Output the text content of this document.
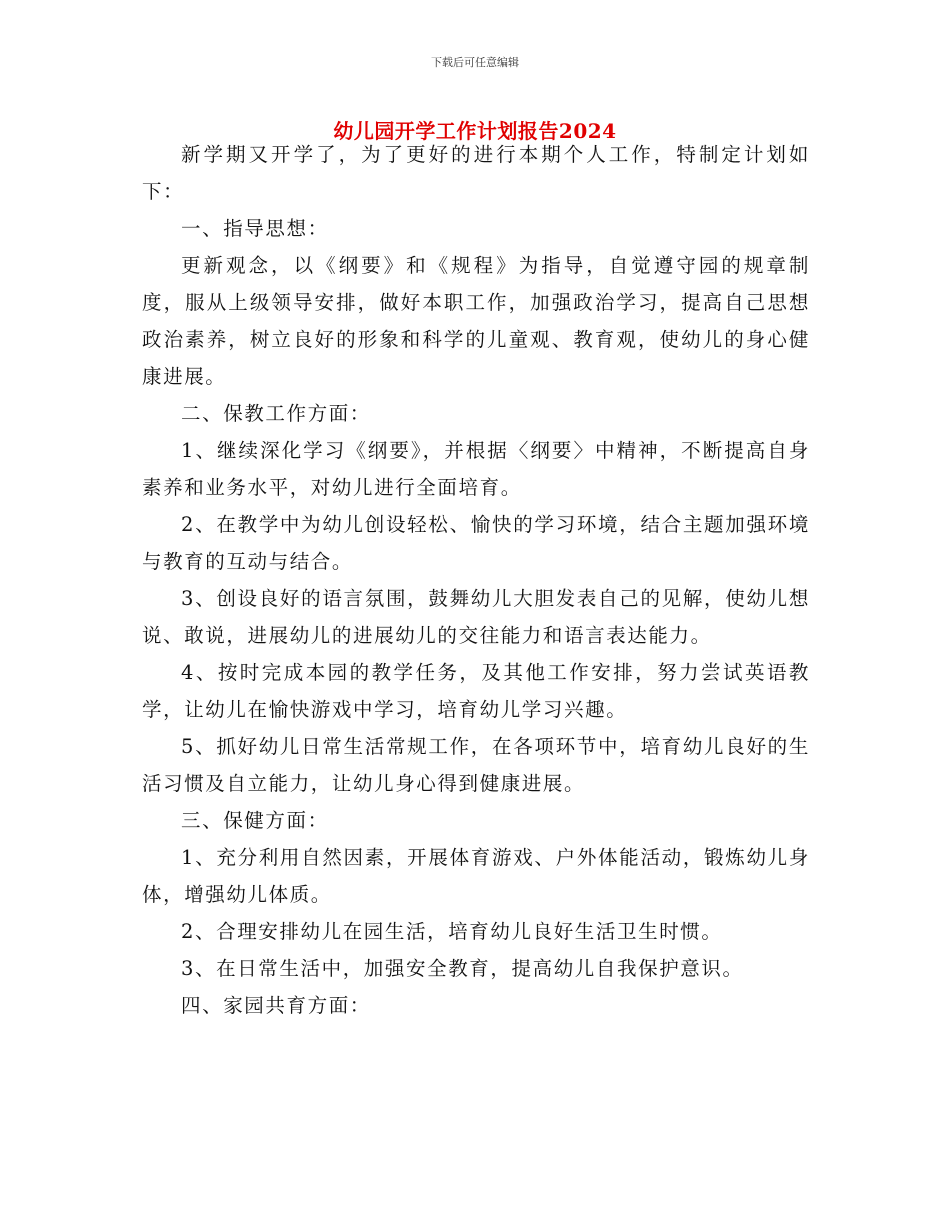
下载后可任意编辑
幼儿园开学工作计划报告2024

新学期又开学了，为了更好的进行本期个人工作，特制定计划如下：

一、指导思想：

更新观念，以《纲要》和《规程》为指导，自觉遵守园的规章制度，服从上级领导安排，做好本职工作，加强政治学习，提高自己思想政治素养，树立良好的形象和科学的儿童观、教育观，使幼儿的身心健康进展。

二、保教工作方面：

1、继续深化学习《纲要》，并根据〈纲要〉中精神，不断提高自身素养和业务水平，对幼儿进行全面培育。

2、在教学中为幼儿创设轻松、愉快的学习环境，结合主题加强环境与教育的互动与结合。

3、创设良好的语言氛围，鼓舞幼儿大胆发表自己的见解，使幼儿想说、敢说，进展幼儿的进展幼儿的交往能力和语言表达能力。

4、按时完成本园的教学任务，及其他工作安排，努力尝试英语教学，让幼儿在愉快游戏中学习，培育幼儿学习兴趣。

5、抓好幼儿日常生活常规工作，在各项环节中，培育幼儿良好的生活习惯及自立能力，让幼儿身心得到健康进展。

三、保健方面：

1、充分利用自然因素，开展体育游戏、户外体能活动，锻炼幼儿身体，增强幼儿体质。

2、合理安排幼儿在园生活，培育幼儿良好生活卫生时惯。

3、在日常生活中，加强安全教育，提高幼儿自我保护意识。

四、家园共育方面：
